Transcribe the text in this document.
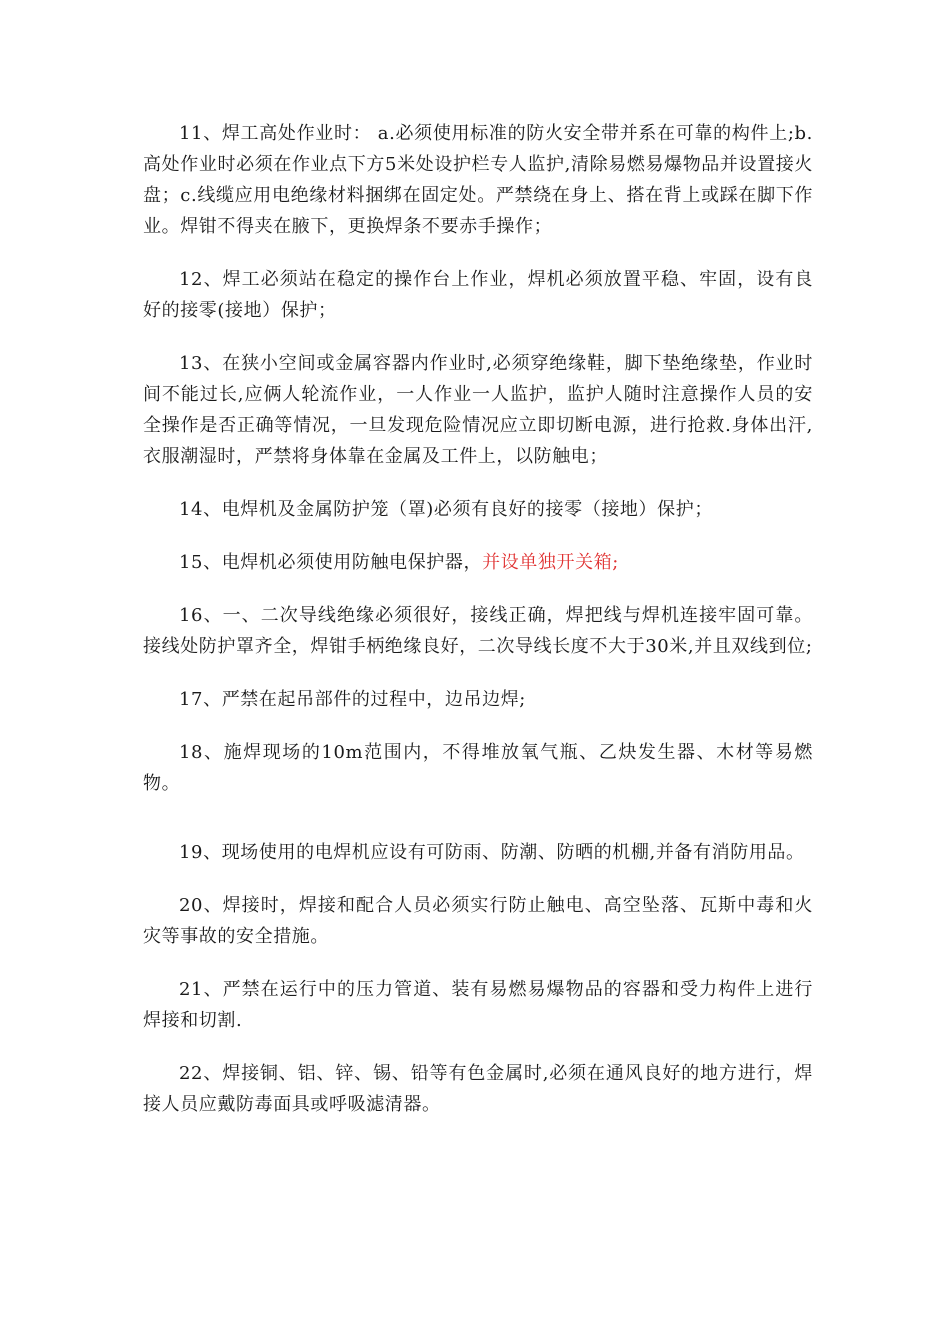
11、焊工高处作业时： a.必须使用标准的防火安全带并系在可靠的构件上;b.高处作业时必须在作业点下方5米处设护栏专人监护,清除易燃易爆物品并设置接火盘；c.线缆应用电绝缘材料捆绑在固定处。严禁绕在身上、搭在背上或踩在脚下作业。焊钳不得夹在腋下，更换焊条不要赤手操作；

12、焊工必须站在稳定的操作台上作业，焊机必须放置平稳、牢固，设有良好的接零(接地）保护；

13、在狭小空间或金属容器内作业时,必须穿绝缘鞋，脚下垫绝缘垫，作业时间不能过长,应俩人轮流作业，一人作业一人监护，监护人随时注意操作人员的安全操作是否正确等情况，一旦发现危险情况应立即切断电源，进行抢救.身体出汗,衣服潮湿时，严禁将身体靠在金属及工件上，以防触电；

14、电焊机及金属防护笼（罩)必须有良好的接零（接地）保护；

15、电焊机必须使用防触电保护器，并设单独开关箱;

16、一、二次导线绝缘必须很好，接线正确，焊把线与焊机连接牢固可靠。接线处防护罩齐全，焊钳手柄绝缘良好，二次导线长度不大于30米,并且双线到位;

17、严禁在起吊部件的过程中，边吊边焊;

18、施焊现场的10m范围内，不得堆放氧气瓶、乙炔发生器、木材等易燃物。

19、现场使用的电焊机应设有可防雨、防潮、防晒的机棚,并备有消防用品。

20、焊接时，焊接和配合人员必须实行防止触电、高空坠落、瓦斯中毒和火灾等事故的安全措施。

21、严禁在运行中的压力管道、装有易燃易爆物品的容器和受力构件上进行焊接和切割.

22、焊接铜、铝、锌、锡、铅等有色金属时,必须在通风良好的地方进行，焊接人员应戴防毒面具或呼吸滤清器。
